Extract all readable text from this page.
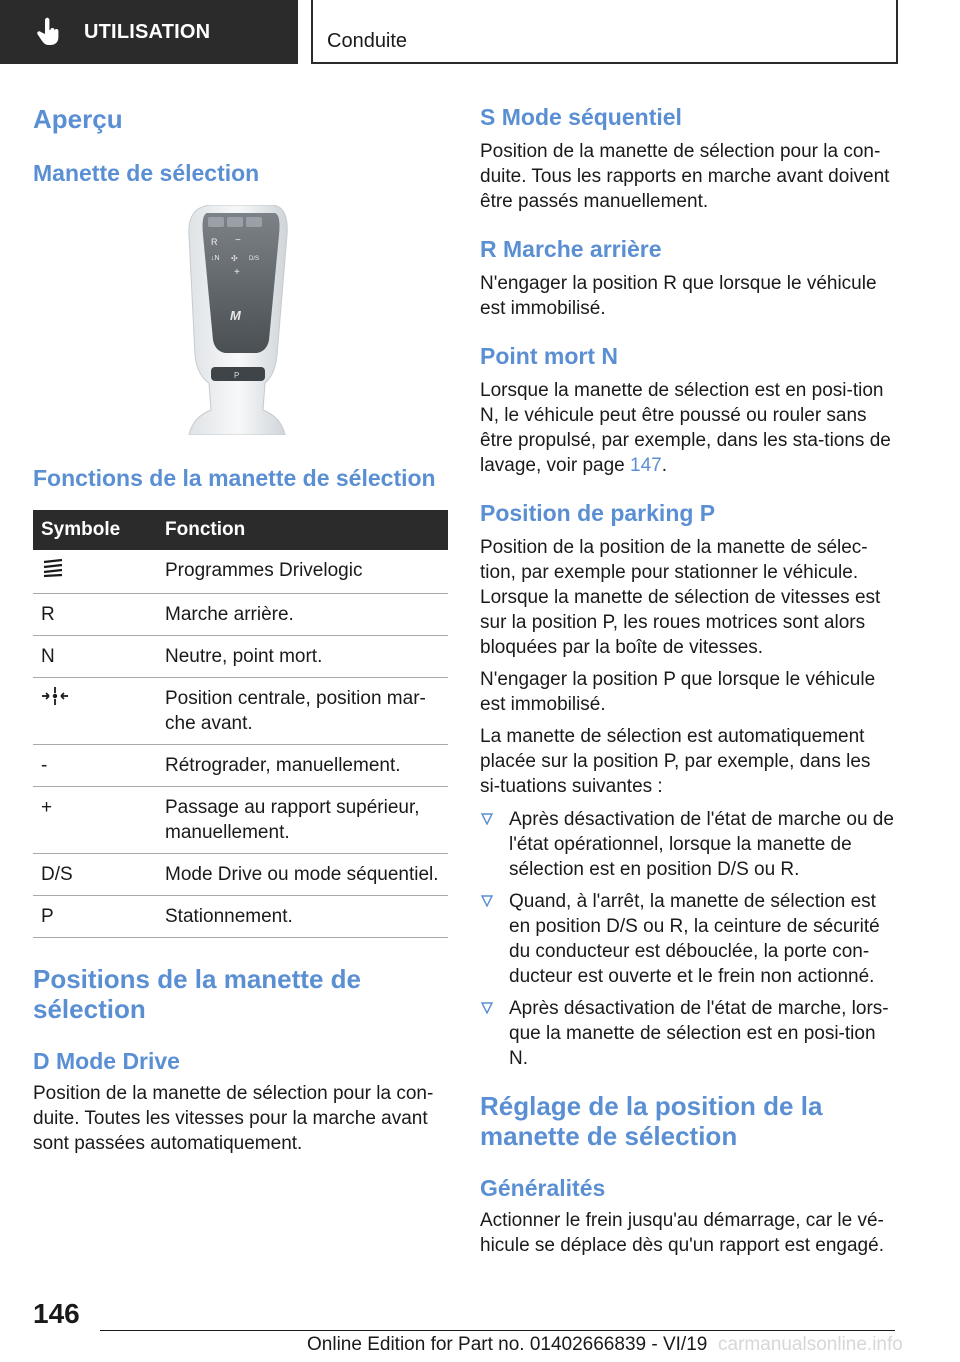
UTILISATION	Conduite
Aperçu
Manette de sélection
R −
↓N ✣ D/S
+
M
P
Fonctions de la manette de sélection
Symbole	Fonction
	Programmes Drivelogic
R	Marche arrière.
N	Neutre, point mort.
	Position centrale, position mar-che avant.
-	Rétrograder, manuellement.
+	Passage au rapport supérieur, manuellement.
D/S	Mode Drive ou mode séquentiel.
P	Stationnement.
Positions de la manette de sélection
D Mode Drive

Position de la manette de sélection pour la con-duite. Toutes les vitesses pour la marche avant sont passées automatiquement.

S Mode séquentiel

Position de la manette de sélection pour la con-duite. Tous les rapports en marche avant doivent être passés manuellement.

R Marche arrière

N'engager la position R que lorsque le véhicule est immobilisé.

Point mort N

Lorsque la manette de sélection est en posi-tion N, le véhicule peut être poussé ou rouler sans être propulsé, par exemple, dans les sta-tions de lavage, voir page 147.

Position de parking P

Position de la position de la manette de sélec-tion, par exemple pour stationner le véhicule. Lorsque la manette de sélection de vitesses est sur la position P, les roues motrices sont alors bloquées par la boîte de vitesses.

N'engager la position P que lorsque le véhicule est immobilisé.

La manette de sélection est automatiquement placée sur la position P, par exemple, dans les si-tuations suivantes :

Après désactivation de l'état de marche ou de l'état opérationnel, lorsque la manette de sélection est en position D/S ou R.
Quand, à l'arrêt, la manette de sélection est en position D/S ou R, la ceinture de sécurité du conducteur est débouclée, la porte con-ducteur est ouverte et le frein non actionné.
Après désactivation de l'état de marche, lors-que la manette de sélection est en posi-tion N.
Réglage de la position de la manette de sélection
Généralités

Actionner le frein jusqu'au démarrage, car le vé-hicule se déplace dès qu'un rapport est engagé.

146
Online Edition for Part no. 01402666839 - VI/19 carmanualsonline.info
